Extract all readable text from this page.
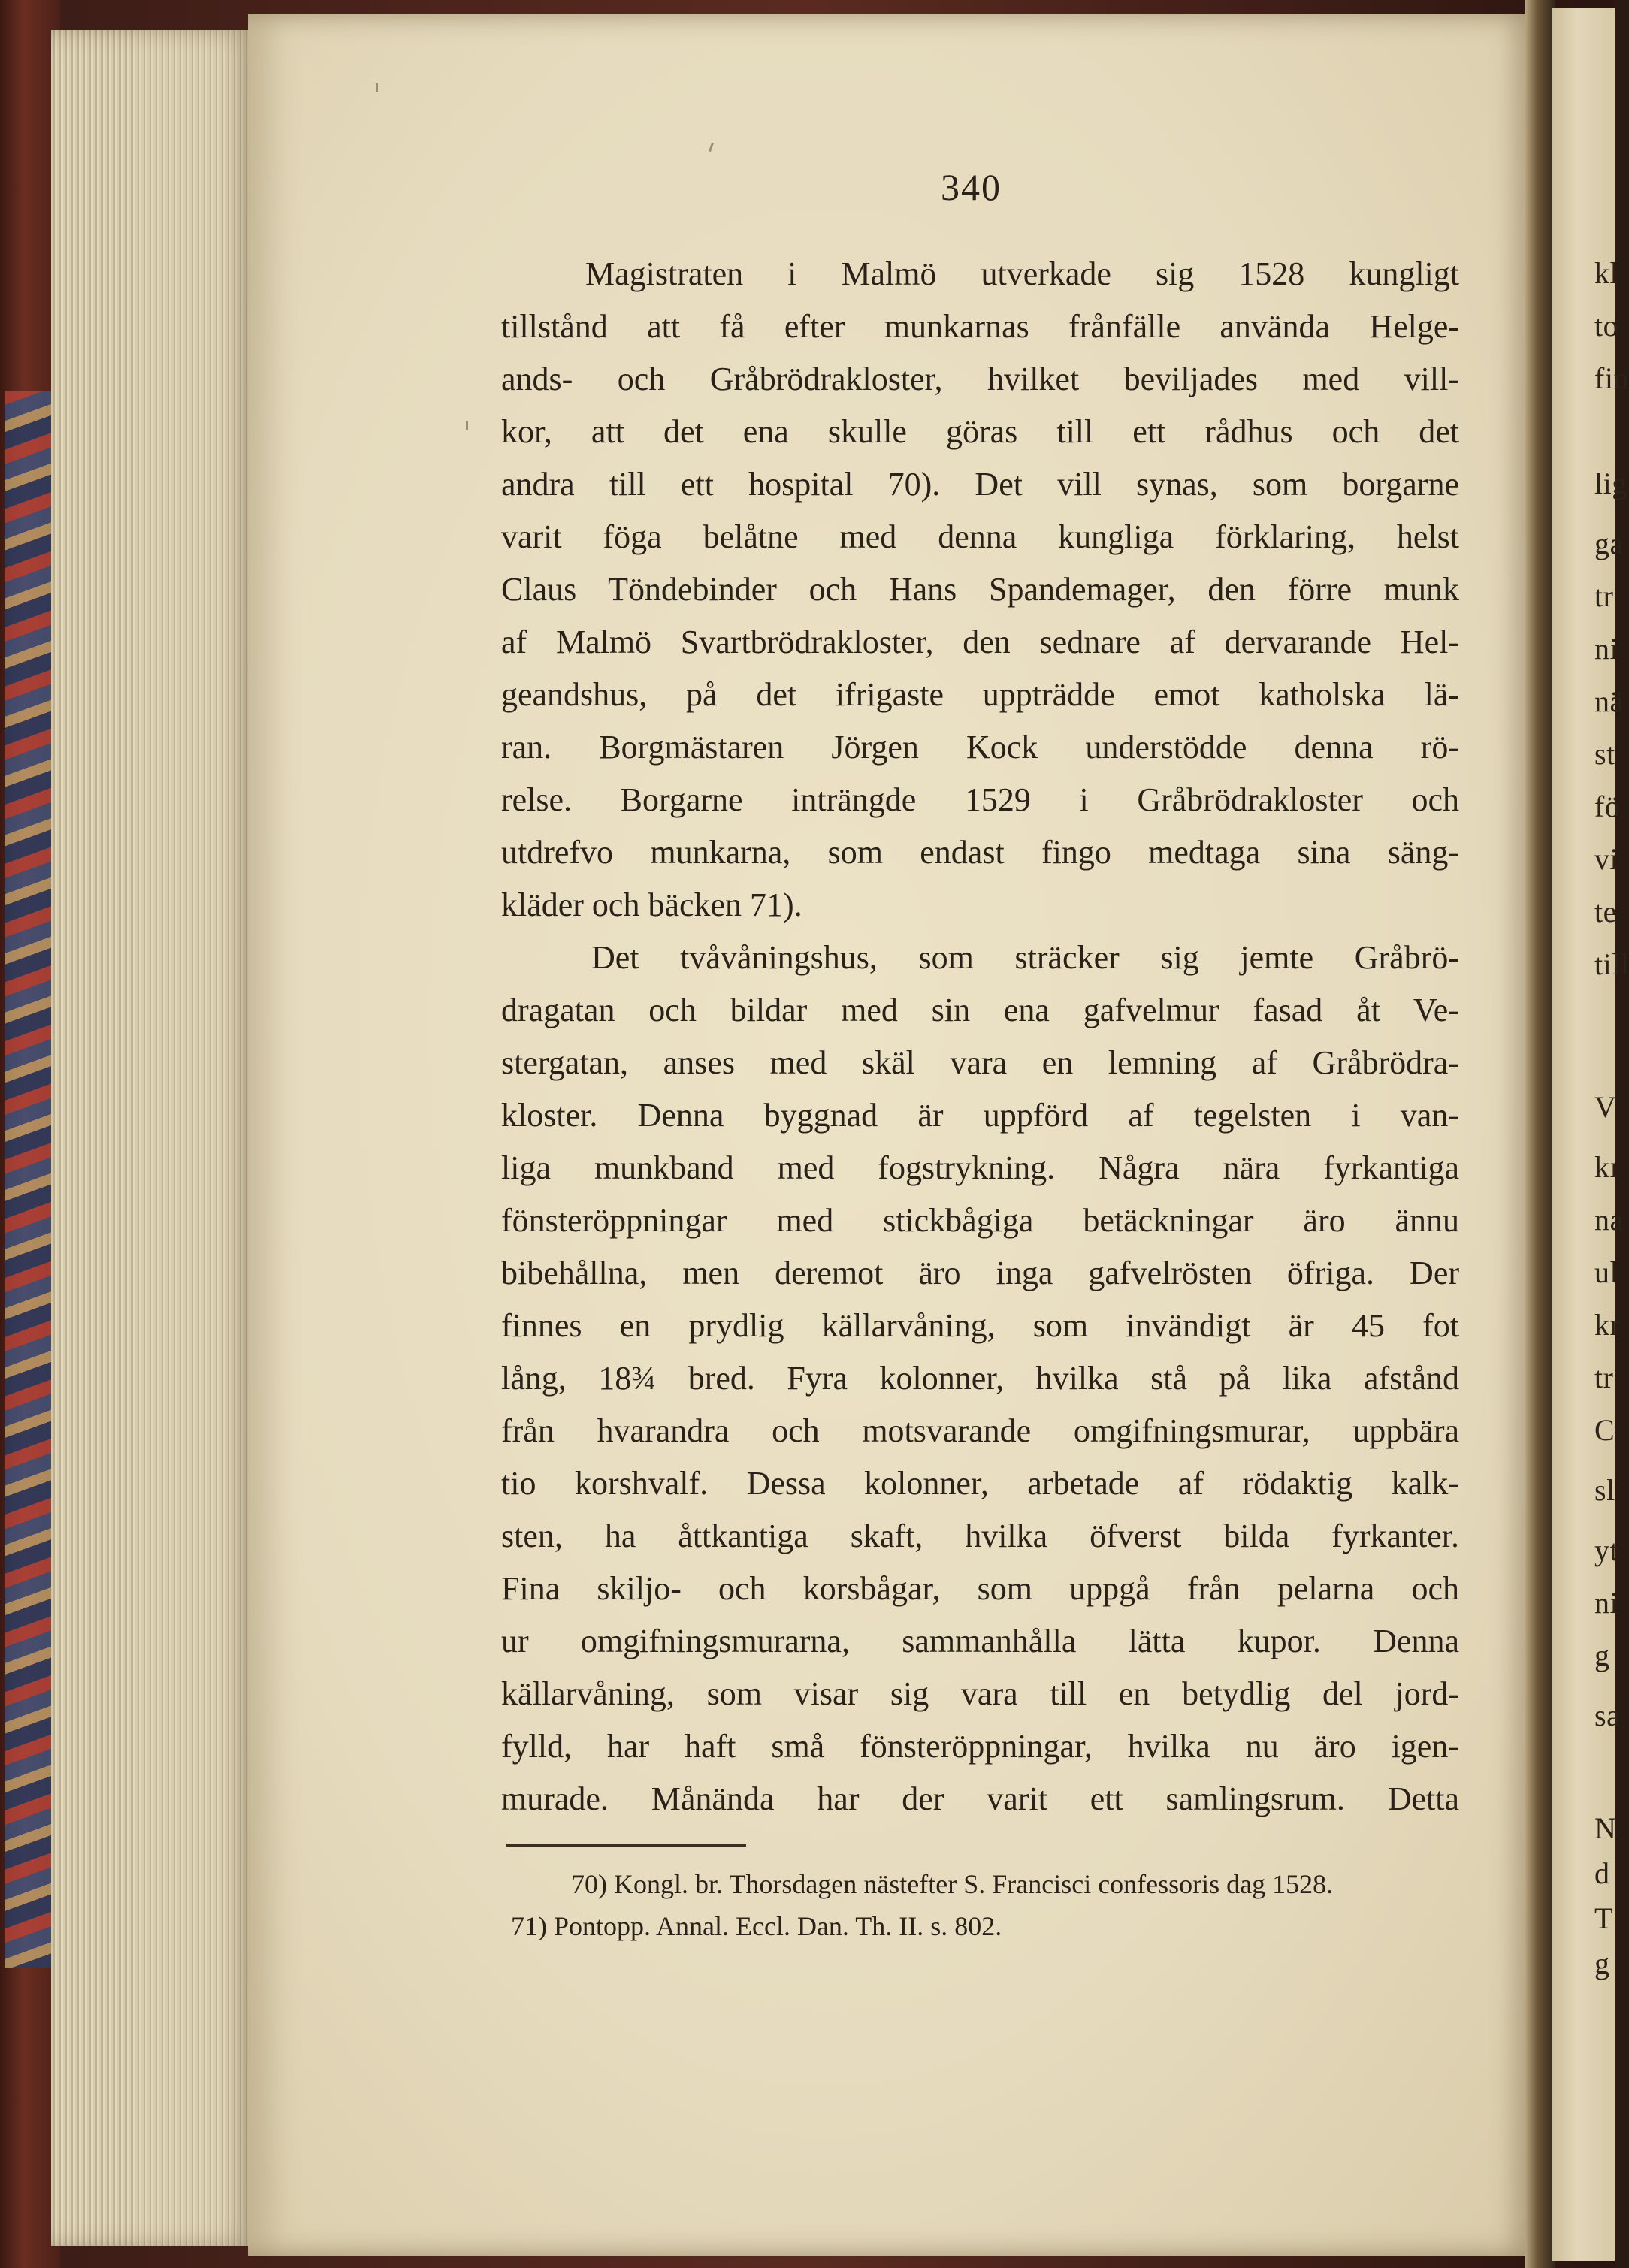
340
Magistraten i Malmö utverkade sig 1528 kungligt
tillstånd att få efter munkarnas frånfälle använda Helge-
ands- och Gråbrödrakloster, hvilket beviljades med vill-
kor, att det ena skulle göras till ett rådhus och det
andra till ett hospital 70). Det vill synas, som borgarne
varit föga belåtne med denna kungliga förklaring, helst
Claus Töndebinder och Hans Spandemager, den förre munk
af Malmö Svartbrödrakloster, den sednare af dervarande Hel-
geandshus, på det ifrigaste uppträdde emot katholska lä-
ran. Borgmästaren Jörgen Kock understödde denna rö-
relse. Borgarne inträngde 1529 i Gråbrödrakloster och
utdrefvo munkarna, som endast fingo medtaga sina säng-
kläder och bäcken 71).
Det tvåvåningshus, som sträcker sig jemte Gråbrö-
dragatan och bildar med sin ena gafvelmur fasad åt Ve-
stergatan, anses med skäl vara en lemning af Gråbrödra-
kloster. Denna byggnad är uppförd af tegelsten i van-
liga munkband med fogstrykning. Några nära fyrkantiga
fönsteröppningar med stickbågiga betäckningar äro ännu
bibehållna, men deremot äro inga gafvelrösten öfriga. Der
finnes en prydlig källarvåning, som invändigt är 45 fot
lång, 18¾ bred. Fyra kolonner, hvilka stå på lika afstånd
från hvarandra och motsvarande omgifningsmurar, uppbära
tio korshvalf. Dessa kolonner, arbetade af rödaktig kalk-
sten, ha åttkantiga skaft, hvilka öfverst bilda fyrkanter.
Fina skiljo- och korsbågar, som uppgå från pelarna och
ur omgifningsmurarna, sammanhålla lätta kupor. Denna
källarvåning, som visar sig vara till en betydlig del jord-
fylld, har haft små fönsteröppningar, hvilka nu äro igen-
murade. Månända har der varit ett samlingsrum. Detta
70) Kongl. br. Thorsdagen nästefter S. Francisci confessoris dag 1528.
71) Pontopp. Annal. Eccl. Dan. Th. II. s. 802.
kl
to
fin
lig
ga
tr
ni
nä
st
fö
vi
te
till
V
kı
na
ul
kr
tr
C
sl
yt
ni
g
sa
N
d
T
g
